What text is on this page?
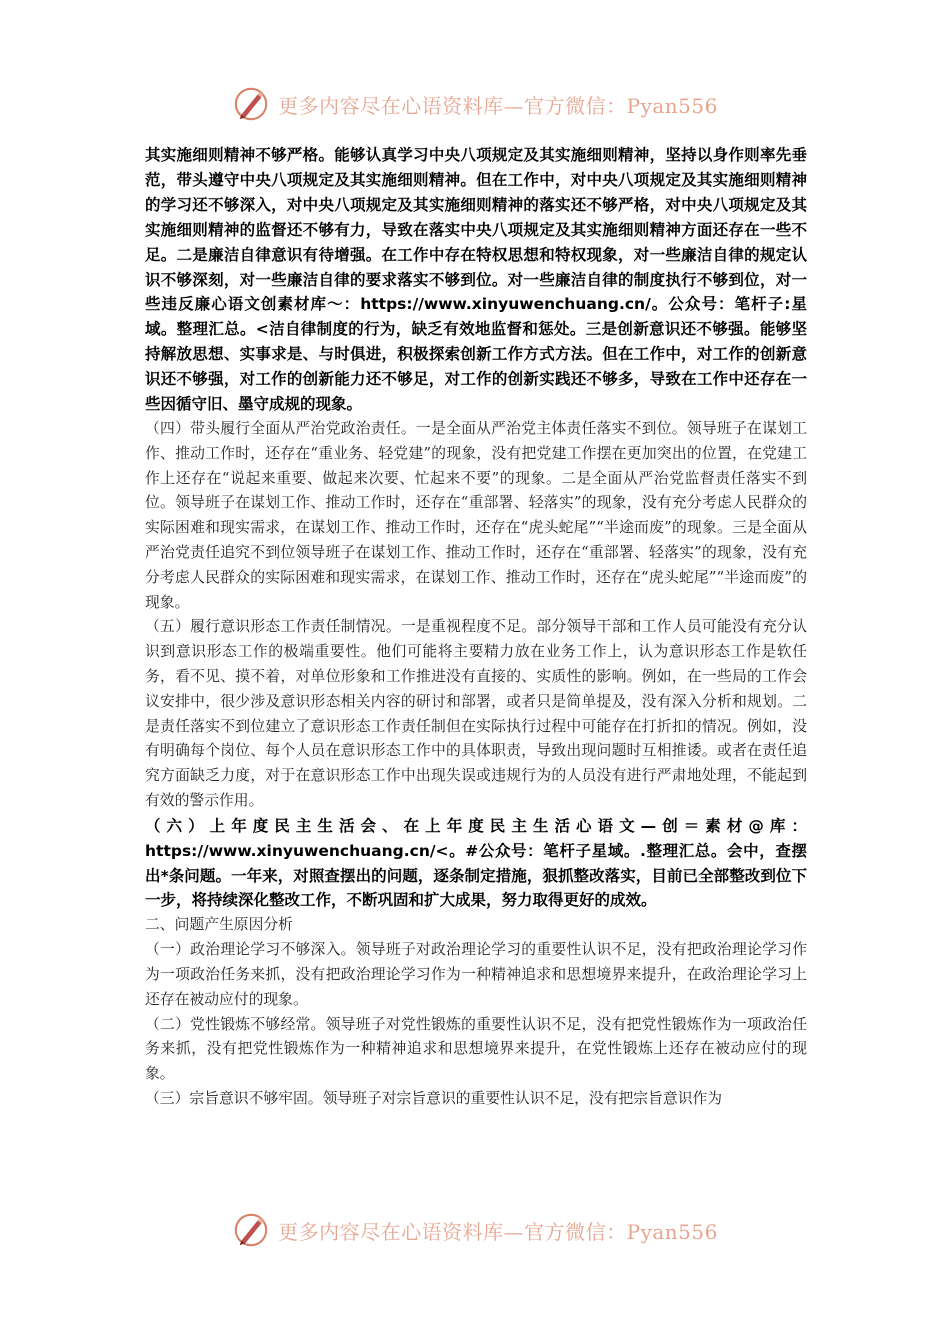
更多内容尽在心语资料库—官方微信：Pyan556

其实施细则精神不够严格。能够认真学习中央八项规定及其实施细则精神，坚持以身作则率先垂范，带头遵守中央八项规定及其实施细则精神。但在工作中，对中央八项规定及其实施细则精神的学习还不够深入，对中央八项规定及其实施细则精神的落实还不够严格，对中央八项规定及其实施细则精神的监督还不够有力，导致在落实中央八项规定及其实施细则精神方面还存在一些不足。二是廉洁自律意识有待增强。在工作中存在特权思想和特权现象，对一些廉洁自律的规定认识不够深刻，对一些廉洁自律的要求落实不够到位。对一些廉洁自律的制度执行不够到位，对一些违反廉心语文创素材库～：https://www.xinyuwenchuang.cn/。公众号：笔杆子:星域。整理汇总。<洁自律制度的行为，缺乏有效地监督和惩处。三是创新意识还不够强。能够坚持解放思想、实事求是、与时俱进，积极探索创新工作方式方法。但在工作中，对工作的创新意识还不够强，对工作的创新能力还不够足，对工作的创新实践还不够多，导致在工作中还存在一些因循守旧、墨守成规的现象。

（四）带头履行全面从严治党政治责任。一是全面从严治党主体责任落实不到位。领导班子在谋划工作、推动工作时，还存在“重业务、轻党建”的现象，没有把党建工作摆在更加突出的位置，在党建工作上还存在“说起来重要、做起来次要、忙起来不要”的现象。二是全面从严治党监督责任落实不到位。领导班子在谋划工作、推动工作时，还存在“重部署、轻落实”的现象，没有充分考虑人民群众的实际困难和现实需求，在谋划工作、推动工作时，还存在“虎头蛇尾”“半途而废”的现象。三是全面从严治党责任追究不到位领导班子在谋划工作、推动工作时，还存在“重部署、轻落实”的现象，没有充分考虑人民群众的实际困难和现实需求，在谋划工作、推动工作时，还存在“虎头蛇尾”“半途而废”的现象。

（五）履行意识形态工作责任制情况。一是重视程度不足。部分领导干部和工作人员可能没有充分认识到意识形态工作的极端重要性。他们可能将主要精力放在业务工作上，认为意识形态工作是软任务，看不见、摸不着，对单位形象和工作推进没有直接的、实质性的影响。例如，在一些局的工作会议安排中，很少涉及意识形态相关内容的研讨和部署，或者只是简单提及，没有深入分析和规划。二是责任落实不到位建立了意识形态工作责任制但在实际执行过程中可能存在打折扣的情况。例如，没有明确每个岗位、每个人员在意识形态工作中的具体职责，导致出现问题时互相推诿。或者在责任追究方面缺乏力度，对于在意识形态工作中出现失误或违规行为的人员没有进行严肃地处理，不能起到有效的警示作用。

（六）上年度民主生活会、在上年度民主生活心语文—创＝素材@库：https://www.xinyuwenchuang.cn/<。#公众号：笔杆子星域。.整理汇总。会中，查摆出*条问题。一年来，对照查摆出的问题，逐条制定措施，狠抓整改落实，目前已全部整改到位下一步，将持续深化整改工作，不断巩固和扩大成果，努力取得更好的成效。

二、问题产生原因分析

（一）政治理论学习不够深入。领导班子对政治理论学习的重要性认识不足，没有把政治理论学习作为一项政治任务来抓，没有把政治理论学习作为一种精神追求和思想境界来提升，在政治理论学习上还存在被动应付的现象。

（二）党性锻炼不够经常。领导班子对党性锻炼的重要性认识不足，没有把党性锻炼作为一项政治任务来抓，没有把党性锻炼作为一种精神追求和思想境界来提升，在党性锻炼上还存在被动应付的现象。

（三）宗旨意识不够牢固。领导班子对宗旨意识的重要性认识不足，没有把宗旨意识作为

更多内容尽在心语资料库—官方微信：Pyan556
